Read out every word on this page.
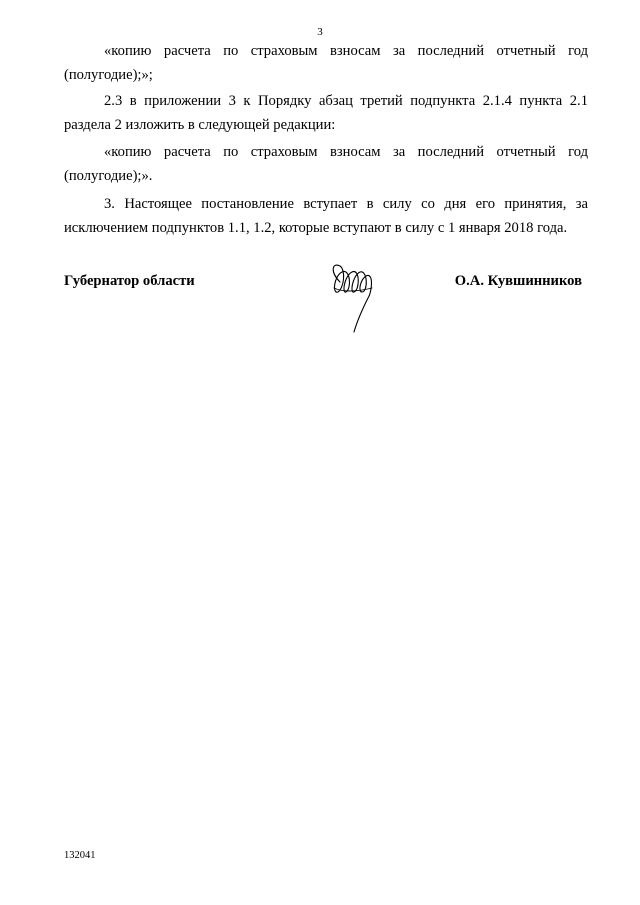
3

«копию расчета по страховым взносам за последний отчетный год (полугодие);»;

2.3 в приложении 3 к Порядку абзац третий подпункта 2.1.4 пункта 2.1 раздела 2 изложить в следующей редакции:

«копию расчета по страховым взносам за последний отчетный год (полугодие);».

3. Настоящее постановление вступает в силу со дня его принятия, за исключением подпунктов 1.1, 1.2, которые вступают в силу с 1 января 2018 года.

Губернатор области	О.А. Кувшинников
132041
